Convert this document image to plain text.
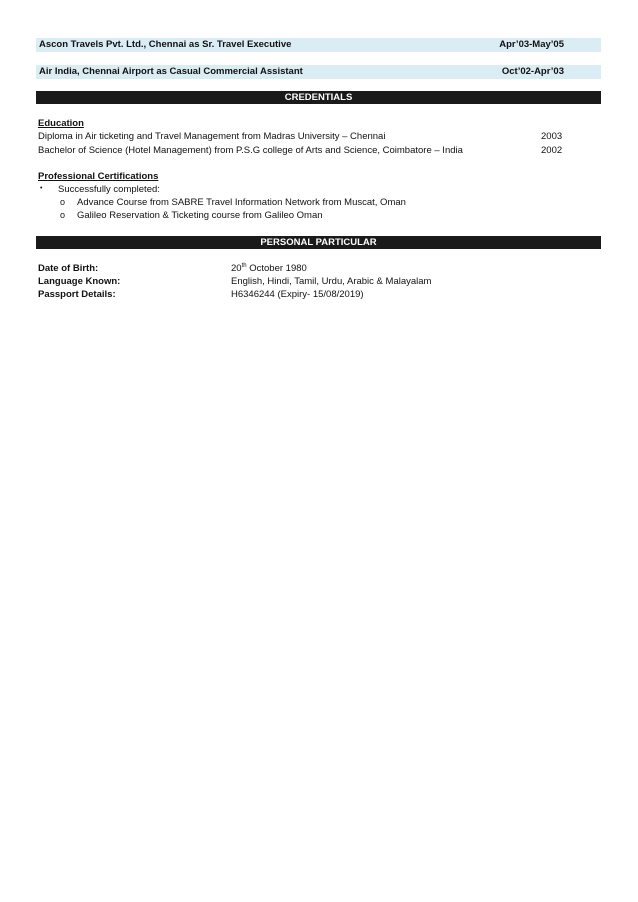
Ascon Travels Pvt. Ltd., Chennai as Sr. Travel Executive	Apr’03-May’05
Air India, Chennai Airport as Casual Commercial Assistant	Oct’02-Apr’03
CREDENTIALS
Education
Diploma in Air ticketing and Travel Management from Madras University – Chennai	2003
Bachelor of Science (Hotel Management) from P.S.G college of Arts and Science, Coimbatore – India	2002
Professional Certifications
• Successfully completed:
o Advance Course from SABRE Travel Information Network from Muscat, Oman
o Galileo Reservation & Ticketing course from Galileo Oman
PERSONAL PARTICULAR
Date of Birth:	20th October 1980
Language Known:	English, Hindi, Tamil, Urdu, Arabic & Malayalam
Passport Details:	H6346244 (Expiry- 15/08/2019)
